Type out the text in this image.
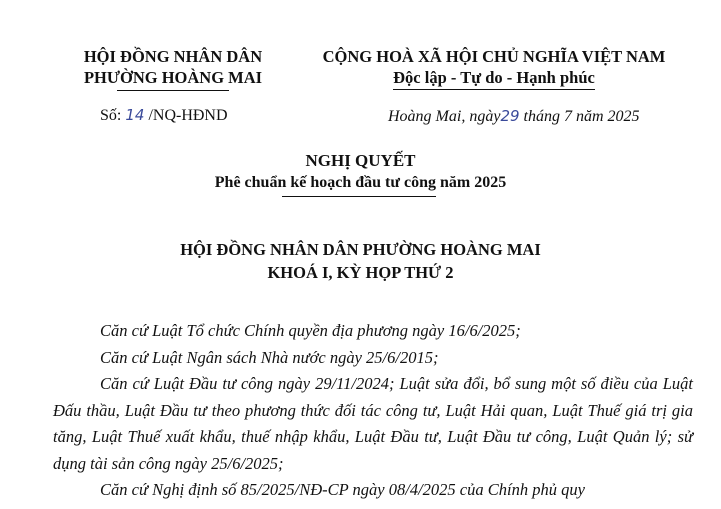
HỘI ĐỒNG NHÂN DÂN
PHƯỜNG HOÀNG MAI
CỘNG HOÀ XÃ HỘI CHỦ NGHĨA VIỆT NAM
Độc lập - Tự do - Hạnh phúc
Số: 14 /NQ-HĐND	Hoàng Mai, ngày29 tháng 7 năm 2025
NGHỊ QUYẾT
Phê chuẩn kế hoạch đầu tư công năm 2025
HỘI ĐỒNG NHÂN DÂN PHƯỜNG HOÀNG MAI
KHOÁ I, KỲ HỌP THỨ 2

Căn cứ Luật Tổ chức Chính quyền địa phương ngày 16/6/2025;

Căn cứ Luật Ngân sách Nhà nước ngày 25/6/2015;

Căn cứ Luật Đầu tư công ngày 29/11/2024; Luật sửa đổi, bổ sung một số điều của Luật Đấu thầu, Luật Đầu tư theo phương thức đối tác công tư, Luật Hải quan, Luật Thuế giá trị gia tăng, Luật Thuế xuất khẩu, thuế nhập khẩu, Luật Đầu tư, Luật Đầu tư công, Luật Quản lý; sử dụng tài sản công ngày 25/6/2025;

Căn cứ Nghị định số 85/2025/NĐ-CP ngày 08/4/2025 của Chính phủ quy
